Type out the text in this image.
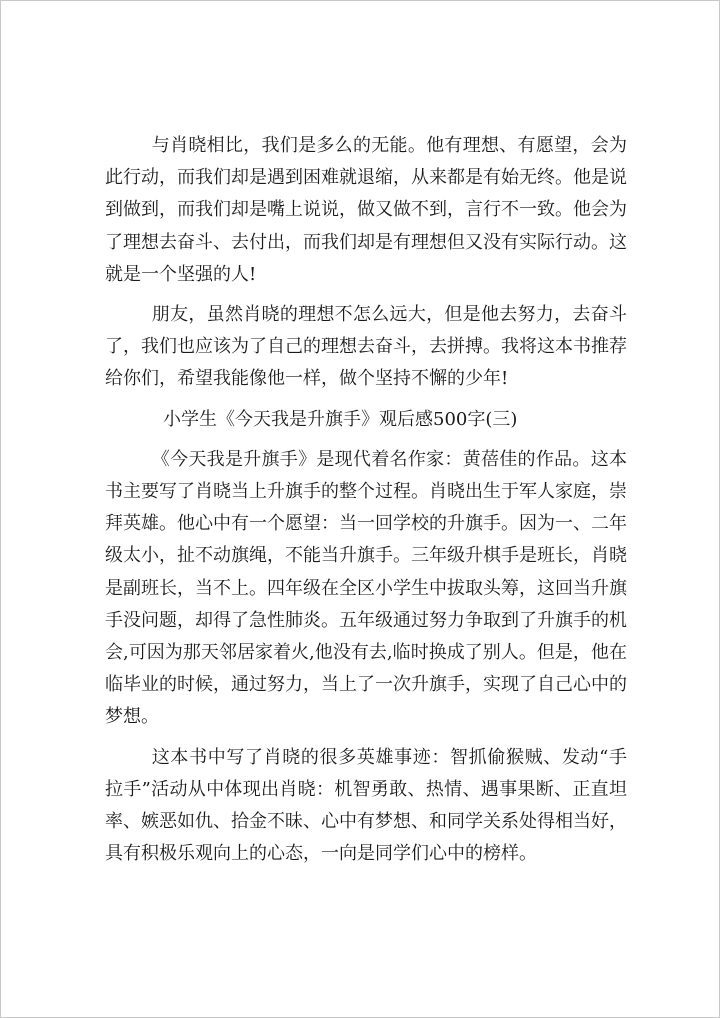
与肖晓相比，我们是多么的无能。他有理想、有愿望，会为此行动，而我们却是遇到困难就退缩，从来都是有始无终。他是说到做到，而我们却是嘴上说说，做又做不到，言行不一致。他会为了理想去奋斗、去付出，而我们却是有理想但又没有实际行动。这就是一个坚强的人!

朋友，虽然肖晓的理想不怎么远大，但是他去努力，去奋斗了，我们也应该为了自己的理想去奋斗，去拼搏。我将这本书推荐给你们，希望我能像他一样，做个坚持不懈的少年!

小学生《今天我是升旗手》观后感500字(三)

《今天我是升旗手》是现代着名作家：黄蓓佳的作品。这本书主要写了肖晓当上升旗手的整个过程。肖晓出生于军人家庭，崇拜英雄。他心中有一个愿望：当一回学校的升旗手。因为一、二年级太小，扯不动旗绳，不能当升旗手。三年级升棋手是班长，肖晓是副班长，当不上。四年级在全区小学生中拔取头筹，这回当升旗手没问题，却得了急性肺炎。五年级通过努力争取到了升旗手的机会,可因为那天邻居家着火,他没有去,临时换成了别人。但是，他在临毕业的时候，通过努力，当上了一次升旗手，实现了自己心中的梦想。

这本书中写了肖晓的很多英雄事迹：智抓偷猴贼、发动“手拉手”活动从中体现出肖晓：机智勇敢、热情、遇事果断、正直坦率、嫉恶如仇、拾金不昧、心中有梦想、和同学关系处得相当好，具有积极乐观向上的心态，一向是同学们心中的榜样。
